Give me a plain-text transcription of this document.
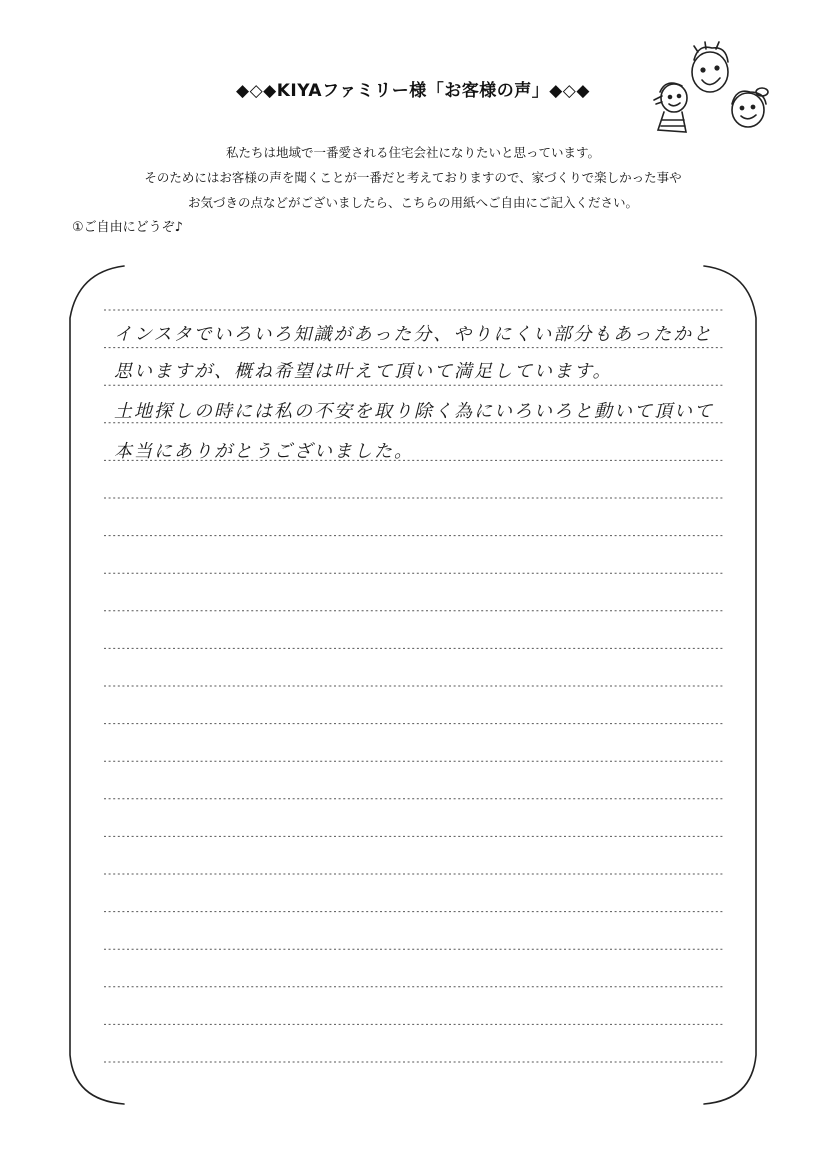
◆◇◆KIYAファミリー様「お客様の声」◆◇◆
私たちは地域で一番愛される住宅会社になりたいと思っています。
そのためにはお客様の声を聞くことが一番だと考えておりますので、家づくりで楽しかった事や
お気づきの点などがございましたら、こちらの用紙へご自由にご記入ください。
①ご自由にどうぞ♪
インスタでいろいろ知識があった分、やりにくい部分もあったかと
思いますが、概ね希望は叶えて頂いて満足しています。
土地探しの時には私の不安を取り除く為にいろいろと動いて頂いて
本当にありがとうございました。
